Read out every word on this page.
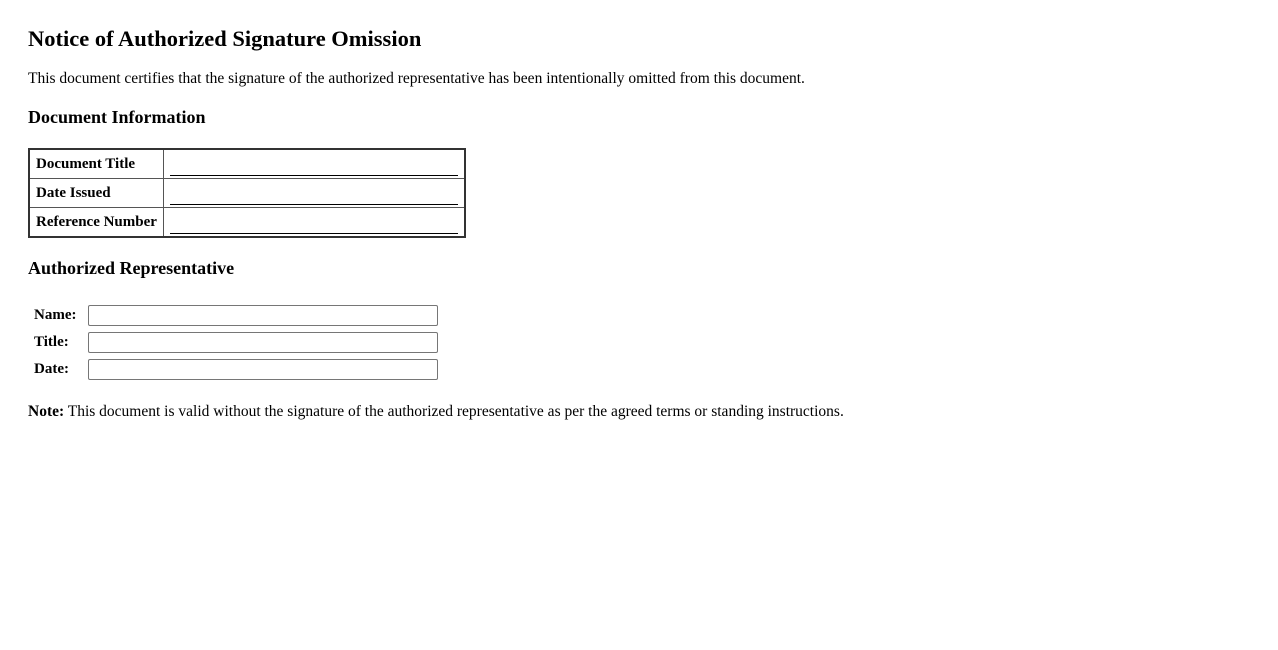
Notice of Authorized Signature Omission

This document certifies that the signature of the authorized representative has been intentionally omitted from this document.

Document Information
Document Title	

Date Issued	

Reference Number	
Authorized Representative
Name:	
Title:	
Date:	

Note: This document is valid without the signature of the authorized representative as per the agreed terms or standing instructions.
